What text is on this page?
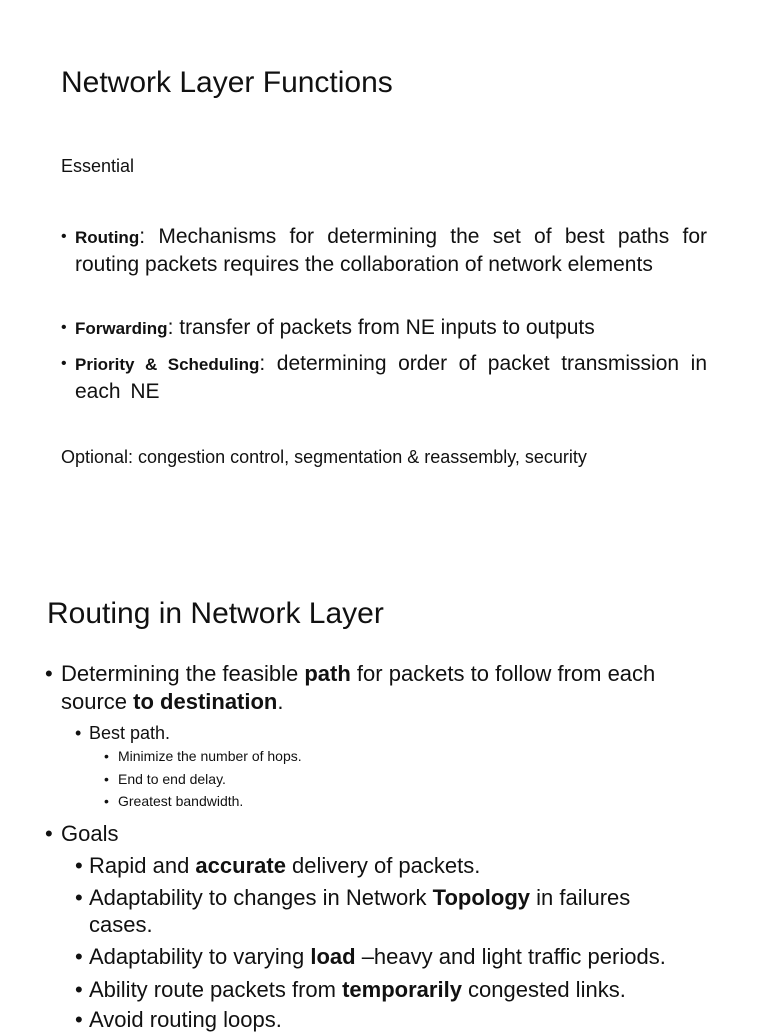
Network Layer Functions
Essential
• Routing: Mechanisms for determining the set of best paths for routing packets requires the collaboration of network elements
• Forwarding: transfer of packets from NE inputs to outputs
• Priority & Scheduling: determining order of packet transmission in each NE
Optional: congestion control, segmentation & reassembly, security
Routing in Network Layer
• Determining the feasible path for packets to follow from each
source to destination.
• Best path.
• Minimize the number of hops.
• End to end delay.
• Greatest bandwidth.
• Goals
• Rapid and accurate delivery of packets.
• Adaptability to changes in Network Topology in failures
cases.
• Adaptability to varying load –heavy and light traffic periods.
• Ability route packets from temporarily congested links.
• Avoid routing loops.
